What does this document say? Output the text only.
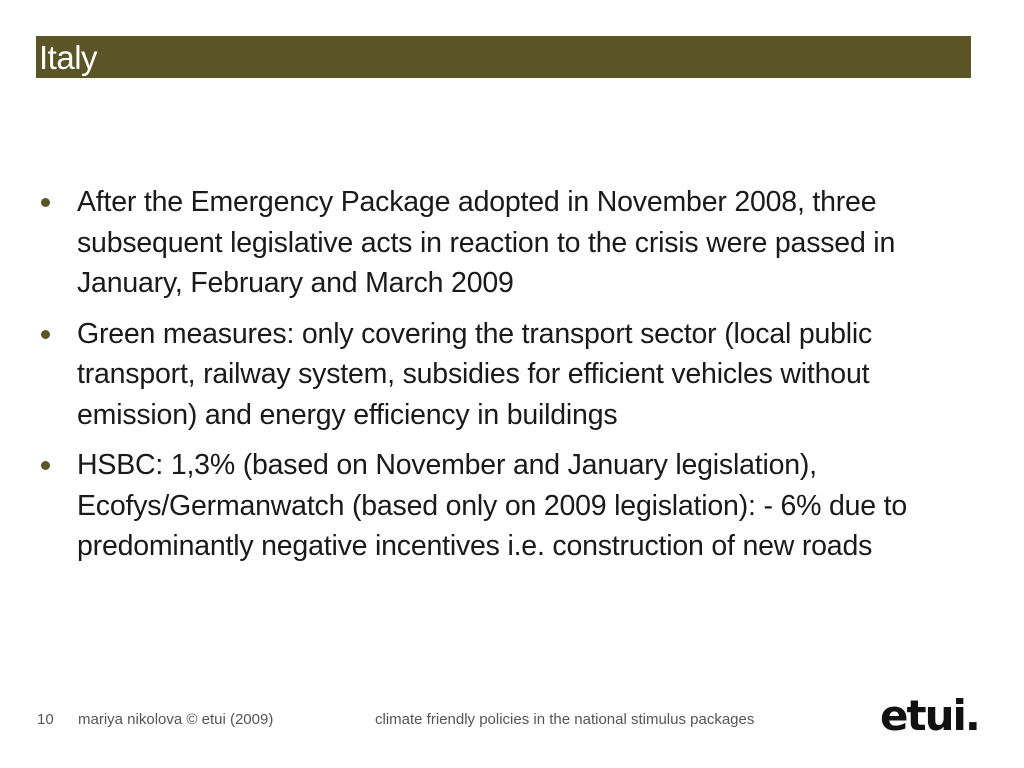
Italy
After the Emergency Package adopted in November 2008, three subsequent legislative acts in reaction to the crisis were passed in January, February and March 2009
Green measures: only covering the transport sector (local public transport, railway system, subsidies for efficient vehicles without emission) and energy efficiency in buildings
HSBC: 1,3% (based on November and January legislation), Ecofys/Germanwatch (based only on 2009 legislation): - 6% due to predominantly negative incentives i.e. construction of new roads
10 mariya nikolova © etui (2009)	climate friendly policies in the national stimulus packages	etui.
